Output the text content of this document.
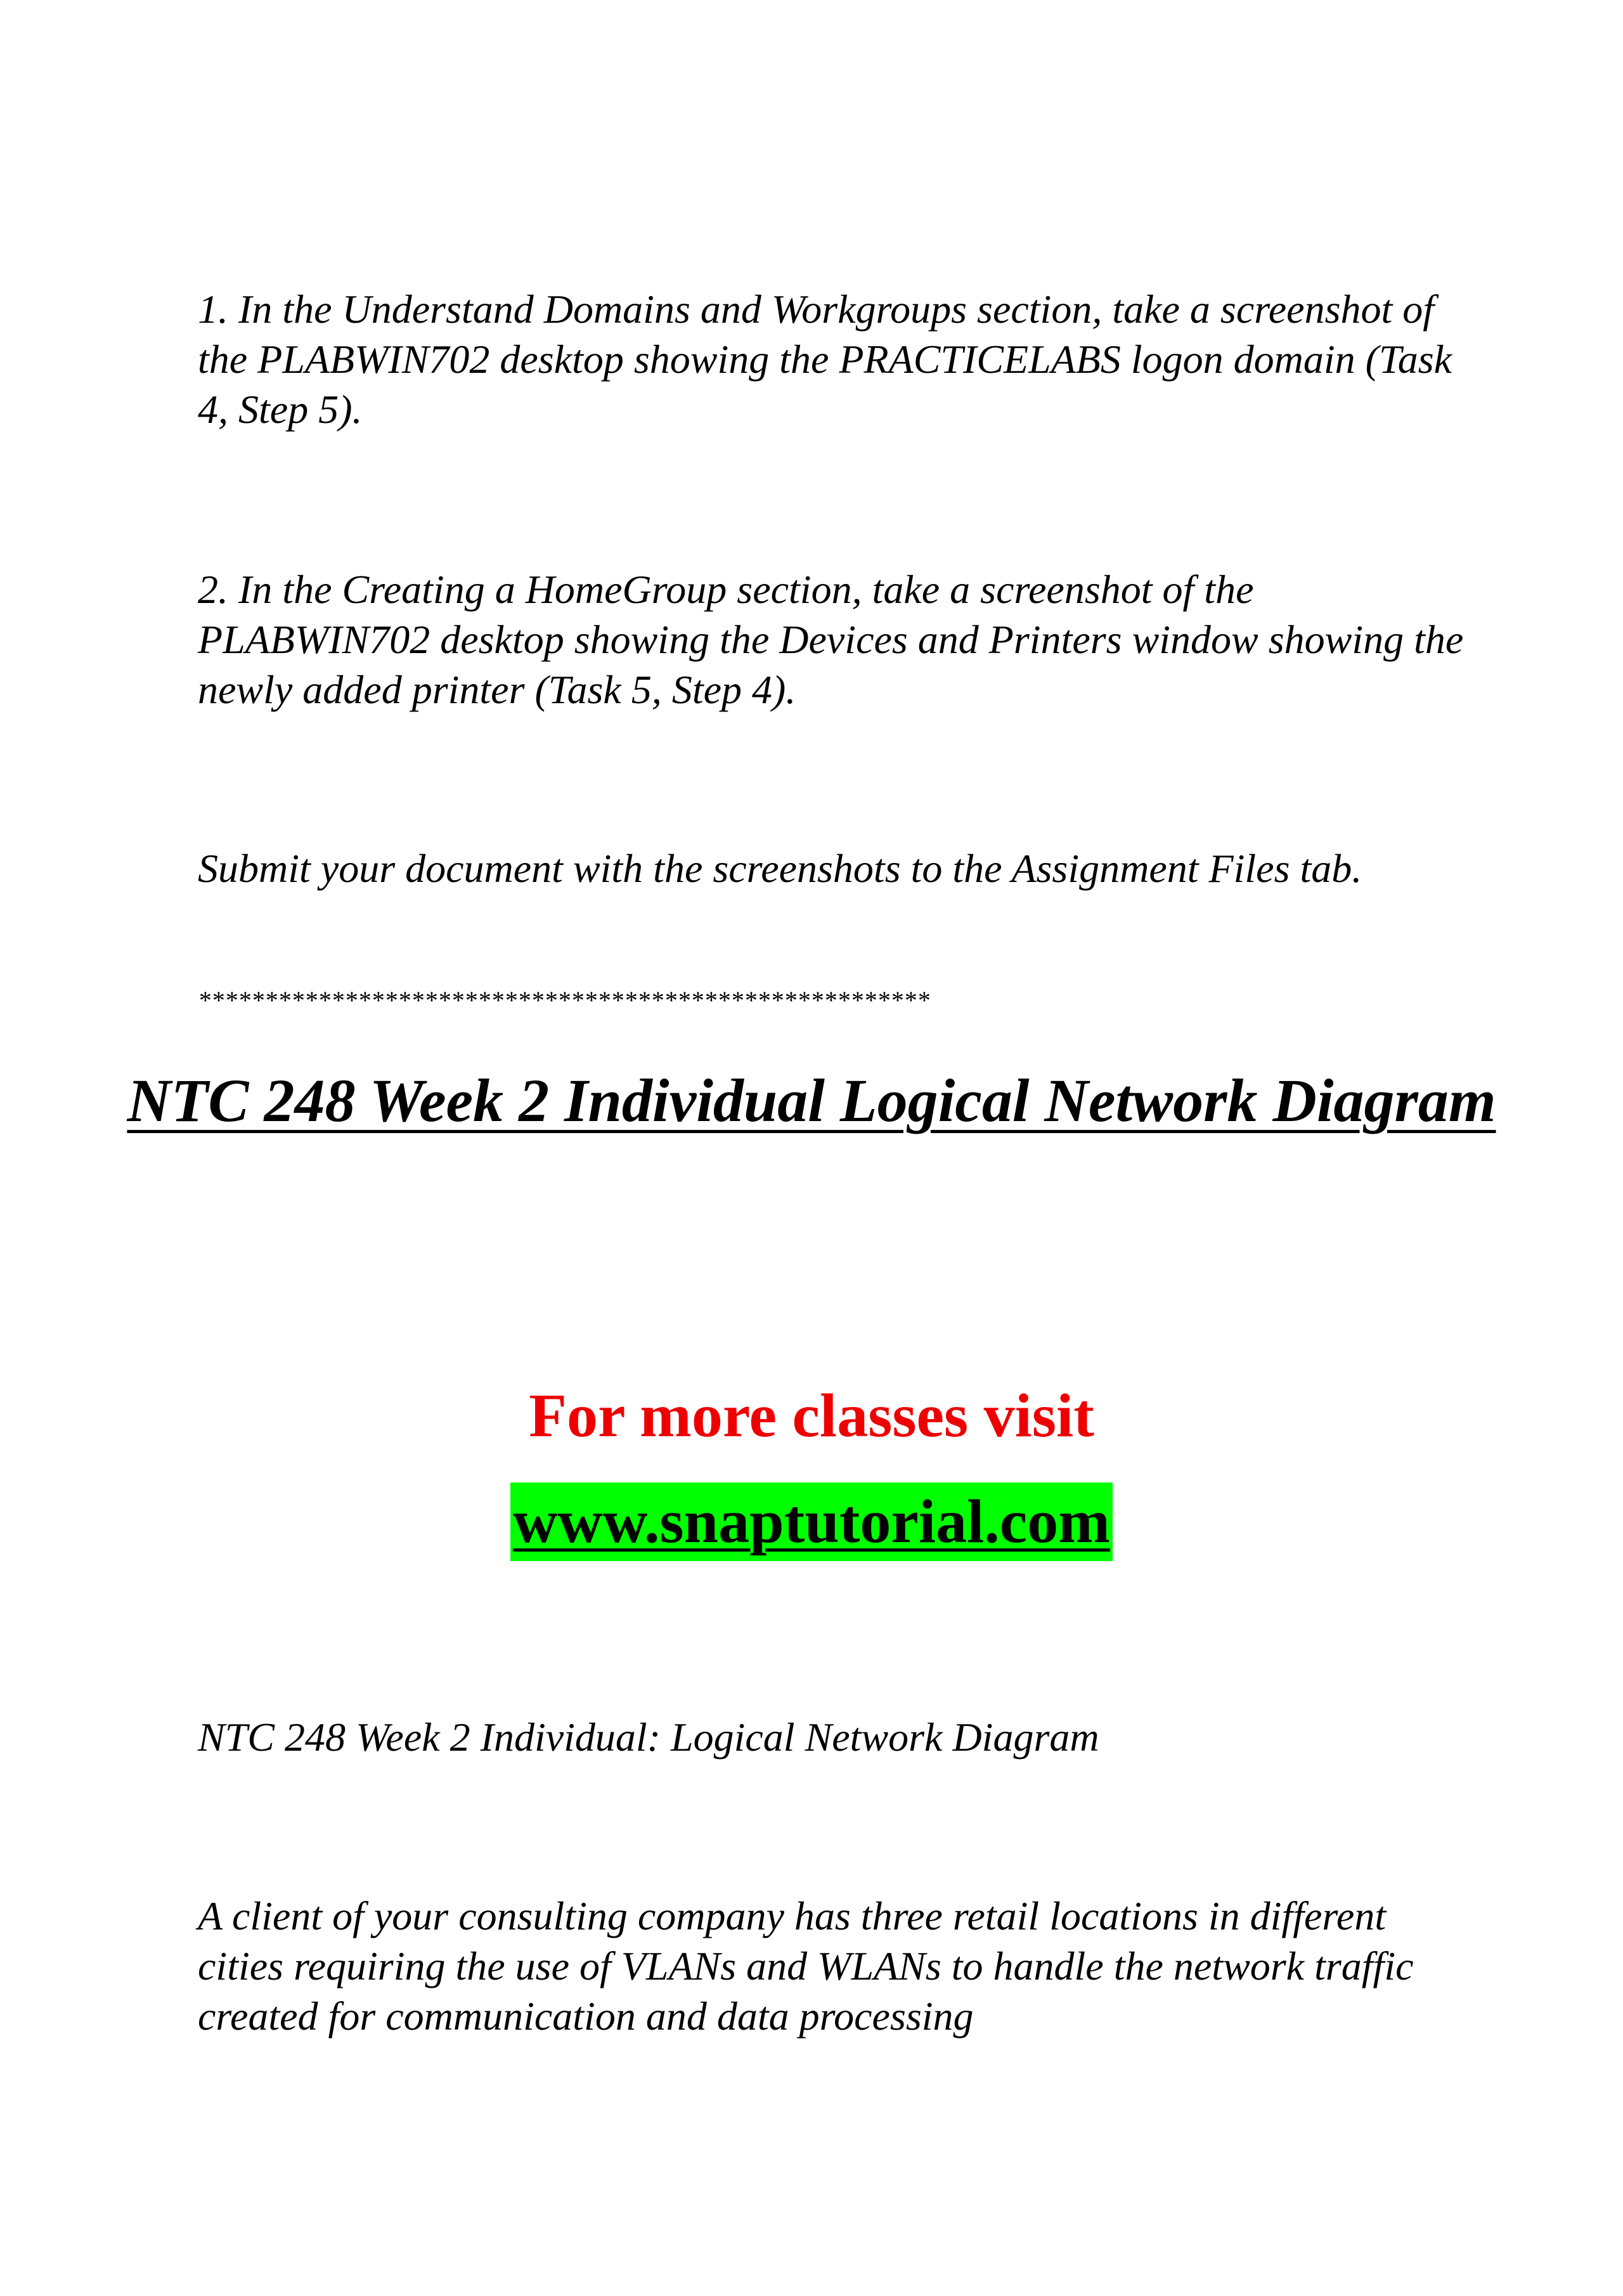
1. In the Understand Domains and Workgroups section, take a screenshot of the PLABWIN702 desktop showing the PRACTICELABS logon domain (Task 4, Step 5).

2. In the Creating a HomeGroup section, take a screenshot of the PLABWIN702 desktop showing the Devices and Printers window showing the newly added printer (Task 5, Step 4).

Submit your document with the screenshots to the Assignment Files tab.

*******************************************************

NTC 248 Week 2 Individual Logical Network Diagram

For more classes visit

www.snaptutorial.com

NTC 248 Week 2 Individual: Logical Network Diagram

A client of your consulting company has three retail locations in different cities requiring the use of VLANs and WLANs to handle the network traffic created for communication and data processing
